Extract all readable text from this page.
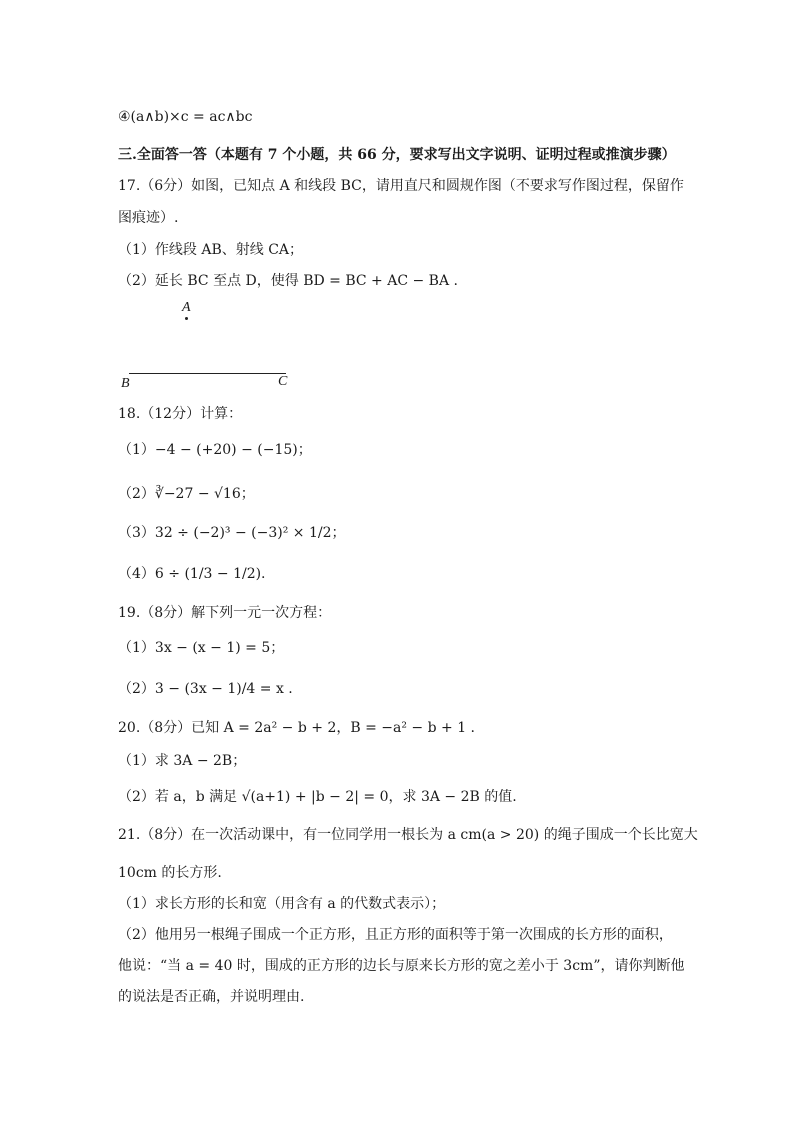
④(a∧b)×c = ac∧bc
三.全面答一答（本题有 7 个小题，共 66 分，要求写出文字说明、证明过程或推演步骤）
17.（6分）如图，已知点 A 和线段 BC，请用直尺和圆规作图（不要求写作图过程，保留作
图痕迹）.
（1）作线段 AB、射线 CA；
（2）延长 BC 至点 D，使得 BD = BC + AC − BA .
A
B	C
18.（12分）计算：
（1）−4 − (+20) − (−15)；
（2）∛−27 − √16；
（3）32 ÷ (−2)³ − (−3)² × 1/2；
（4）6 ÷ (1/3 − 1/2).
19.（8分）解下列一元一次方程：
（1）3x − (x − 1) = 5；
（2）3 − (3x − 1)/4 = x .
20.（8分）已知 A = 2a² − b + 2，B = −a² − b + 1 .
（1）求 3A − 2B；
（2）若 a，b 满足 √(a+1) + |b − 2| = 0，求 3A − 2B 的值.
21.（8分）在一次活动课中，有一位同学用一根长为 a cm(a > 20) 的绳子围成一个长比宽大
10cm 的长方形.
（1）求长方形的长和宽（用含有 a 的代数式表示）；
（2）他用另一根绳子围成一个正方形，且正方形的面积等于第一次围成的长方形的面积，
他说：“当 a = 40 时，围成的正方形的边长与原来长方形的宽之差小于 3cm”，请你判断他
的说法是否正确，并说明理由.
